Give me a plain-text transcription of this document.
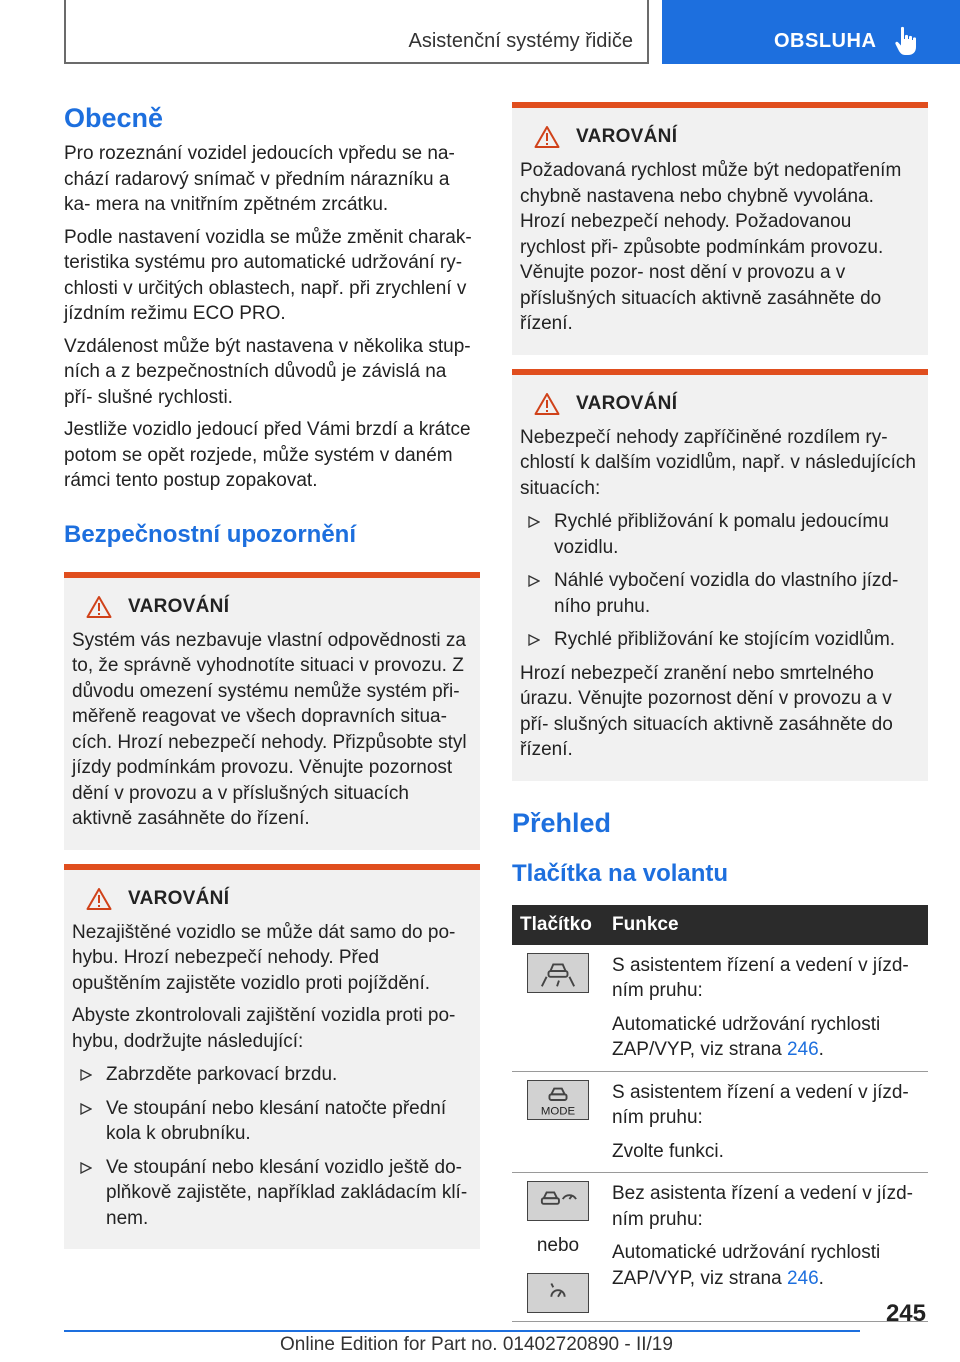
Asistenční systémy řidiče	OBSLUHA
Obecně

Pro rozeznání vozidel jedoucích vpředu se na‐ chází radarový snímač v předním nárazníku a ka‐ mera na vnitřním zpětném zrcátku.

Podle nastavení vozidla se může změnit charak‐ teristika systému pro automatické udržování ry‐ chlosti v určitých oblastech, např. při zrychlení v jízdním režimu ECO PRO.

Vzdálenost může být nastavena v několika stup‐ ních a z bezpečnostních důvodů je závislá na pří‐ slušné rychlosti.

Jestliže vozidlo jedoucí před Vámi brzdí a krátce potom se opět rozjede, může systém v daném rámci tento postup zopakovat.

Bezpečnostní upozornění
VAROVÁNÍ

Systém vás nezbavuje vlastní odpovědnosti za to, že správně vyhodnotíte situaci v provozu. Z důvodu omezení systému nemůže systém při‐ měřeně reagovat ve všech dopravních situa‐ cích. Hrozí nebezpečí nehody. Přizpůsobte styl jízdy podmínkám provozu. Věnujte pozornost dění v provozu a v příslušných situacích aktivně zasáhněte do řízení.

VAROVÁNÍ

Nezajištěné vozidlo se může dát samo do po‐ hybu. Hrozí nebezpečí nehody. Před opuštěním zajistěte vozidlo proti pojíždění.

Abyste zkontrolovali zajištění vozidla proti po‐ hybu, dodržujte následující:

Zabrzděte parkovací brzdu.
Ve stoupání nebo klesání natočte přední kola k obrubníku.
Ve stoupání nebo klesání vozidlo ještě do‐ plňkově zajistěte, například zakládacím klí‐ nem.
VAROVÁNÍ

Požadovaná rychlost může být nedopatřením chybně nastavena nebo chybně vyvolána. Hrozí nebezpečí nehody. Požadovanou rychlost při‐ způsobte podmínkám provozu. Věnujte pozor‐ nost dění v provozu a v příslušných situacích aktivně zasáhněte do řízení.

VAROVÁNÍ

Nebezpečí nehody zapříčiněné rozdílem ry‐ chlostí k dalším vozidlům, např. v následujících situacích:

Rychlé přibližování k pomalu jedoucímu vozidlu.
Náhlé vybočení vozidla do vlastního jízd‐ ního pruhu.
Rychlé přibližování ke stojícím vozidlům.

Hrozí nebezpečí zranění nebo smrtelného úrazu. Věnujte pozornost dění v provozu a v pří‐ slušných situacích aktivně zasáhněte do řízení.

Přehled
Tlačítka na volantu
Tlačítko	Funkce

S asistentem řízení a vedení v jízd‐ ním pruhu:

Automatické udržování rychlosti ZAP/VYP, viz strana 246.

MODE	S asistentem řízení a vedení v jízd‐ ním pruhu:

Zvolte funkci.

nebo	Bez asistenta řízení a vedení v jízd‐ ním pruhu:

Automatické udržování rychlosti ZAP/VYP, viz strana 246.

245
Online Edition for Part no. 01402720890 - II/19
